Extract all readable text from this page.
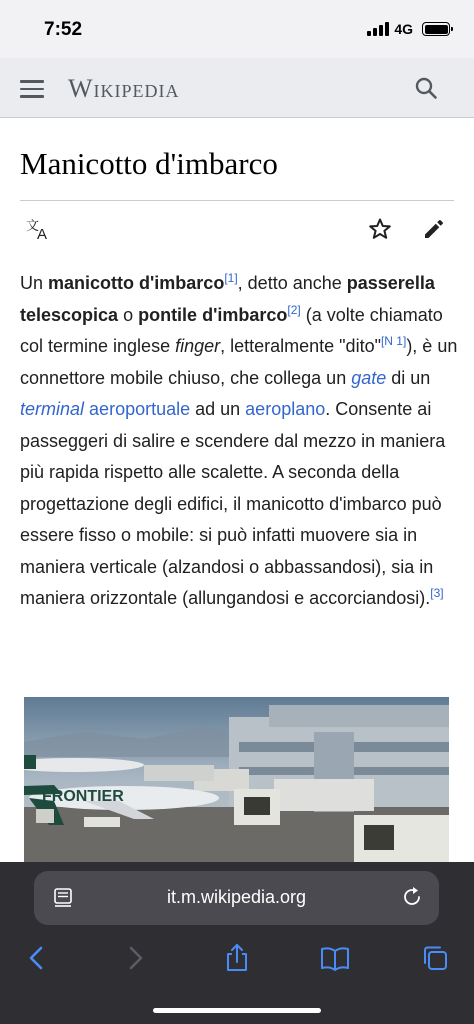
7:52	4G
Wikipedia
Manicotto d'imbarco
文
A

Un manicotto d'imbarco[1], detto anche passerella telescopica o pontile d'imbarco[2] (a volte chiamato col termine inglese finger, letteralmente "dito"[N 1]), è un connettore mobile chiuso, che collega un gate di un terminal aeroportuale ad un aeroplano. Consente ai passeggeri di salire e scendere dal mezzo in maniera più rapida rispetto alle scalette. A seconda della progettazione degli edifici, il manicotto d'imbarco può essere fisso o mobile: si può infatti muovere sia in maniera verticale (alzandosi o abbassandosi), sia in maniera orizzontale (allungandosi e accorciandosi).[3]

FRONTIER
it.m.wikipedia.org
